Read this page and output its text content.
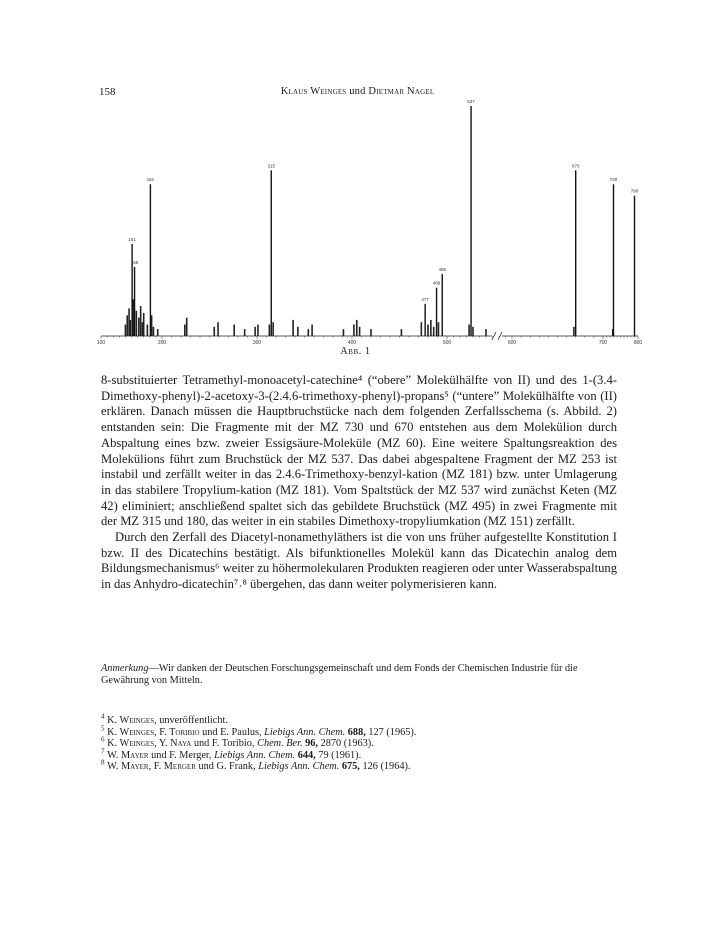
158	Klaus Weinges und Dietmar Nagel
100	200	300	400	500	600	700	800
151
155
181
315
477
489
495
537
670
730
790
Abb. 1

8-substituierter Tetramethyl-monoacetyl-catechine⁴ (“obere” Molekülhälfte von II) und des 1-(3.4-Dimethoxy-phenyl)-2-acetoxy-3-(2.4.6-trimethoxy-phenyl)-propans⁵ (“untere” Molekülhälfte von (II) erklären. Danach müssen die Hauptbruchstücke nach dem folgenden Zerfallsschema (s. Abbild. 2) entstanden sein: Die Fragmente mit der MZ 730 und 670 entstehen aus dem Molekülion durch Abspaltung eines bzw. zweier Essigsäure-Moleküle (MZ 60). Eine weitere Spaltungsreaktion des Molekülions führt zum Bruchstück der MZ 537. Das dabei abgespaltene Fragment der MZ 253 ist instabil und zerfällt weiter in das 2.4.6-Trimethoxy-benzyl-kation (MZ 181) bzw. unter Umlagerung in das stabilere Tropylium-kation (MZ 181). Vom Spaltstück der MZ 537 wird zunächst Keten (MZ 42) eliminiert; anschließend spaltet sich das gebildete Bruchstück (MZ 495) in zwei Fragmente mit der MZ 315 und 180, das weiter in ein stabiles Dimethoxy-tropyliumkation (MZ 151) zerfällt.

Durch den Zerfall des Diacetyl-nonamethyläthers ist die von uns früher aufgestellte Konstitution I bzw. II des Dicatechins bestätigt. Als bifunktionelles Molekül kann das Dicatechin analog dem Bildungsmechanismus⁶ weiter zu höhermolekularen Produkten reagieren oder unter Wasserabspaltung in das Anhydro-dicatechin⁷˒⁸ übergehen, das dann weiter polymerisieren kann.

Anmerkung—Wir danken der Deutschen Forschungsgemeinschaft und dem Fonds der Chemischen Industrie für die Gewährung von Mitteln.
$^4$ K. Weinges, unveröffentlicht.
$^5$ K. Weinges, F. Toribio und E. Paulus, Liebigs Ann. Chem. 688, 127 (1965).
$^6$ K. Weinges, Y. Naya und F. Toribio, Chem. Ber. 96, 2870 (1963).
$^7$ W. Mayer und F. Merger, Liebigs Ann. Chem. 644, 79 (1961).
$^8$ W. Mayer, F. Merger und G. Frank, Liebigs Ann. Chem. 675, 126 (1964).
